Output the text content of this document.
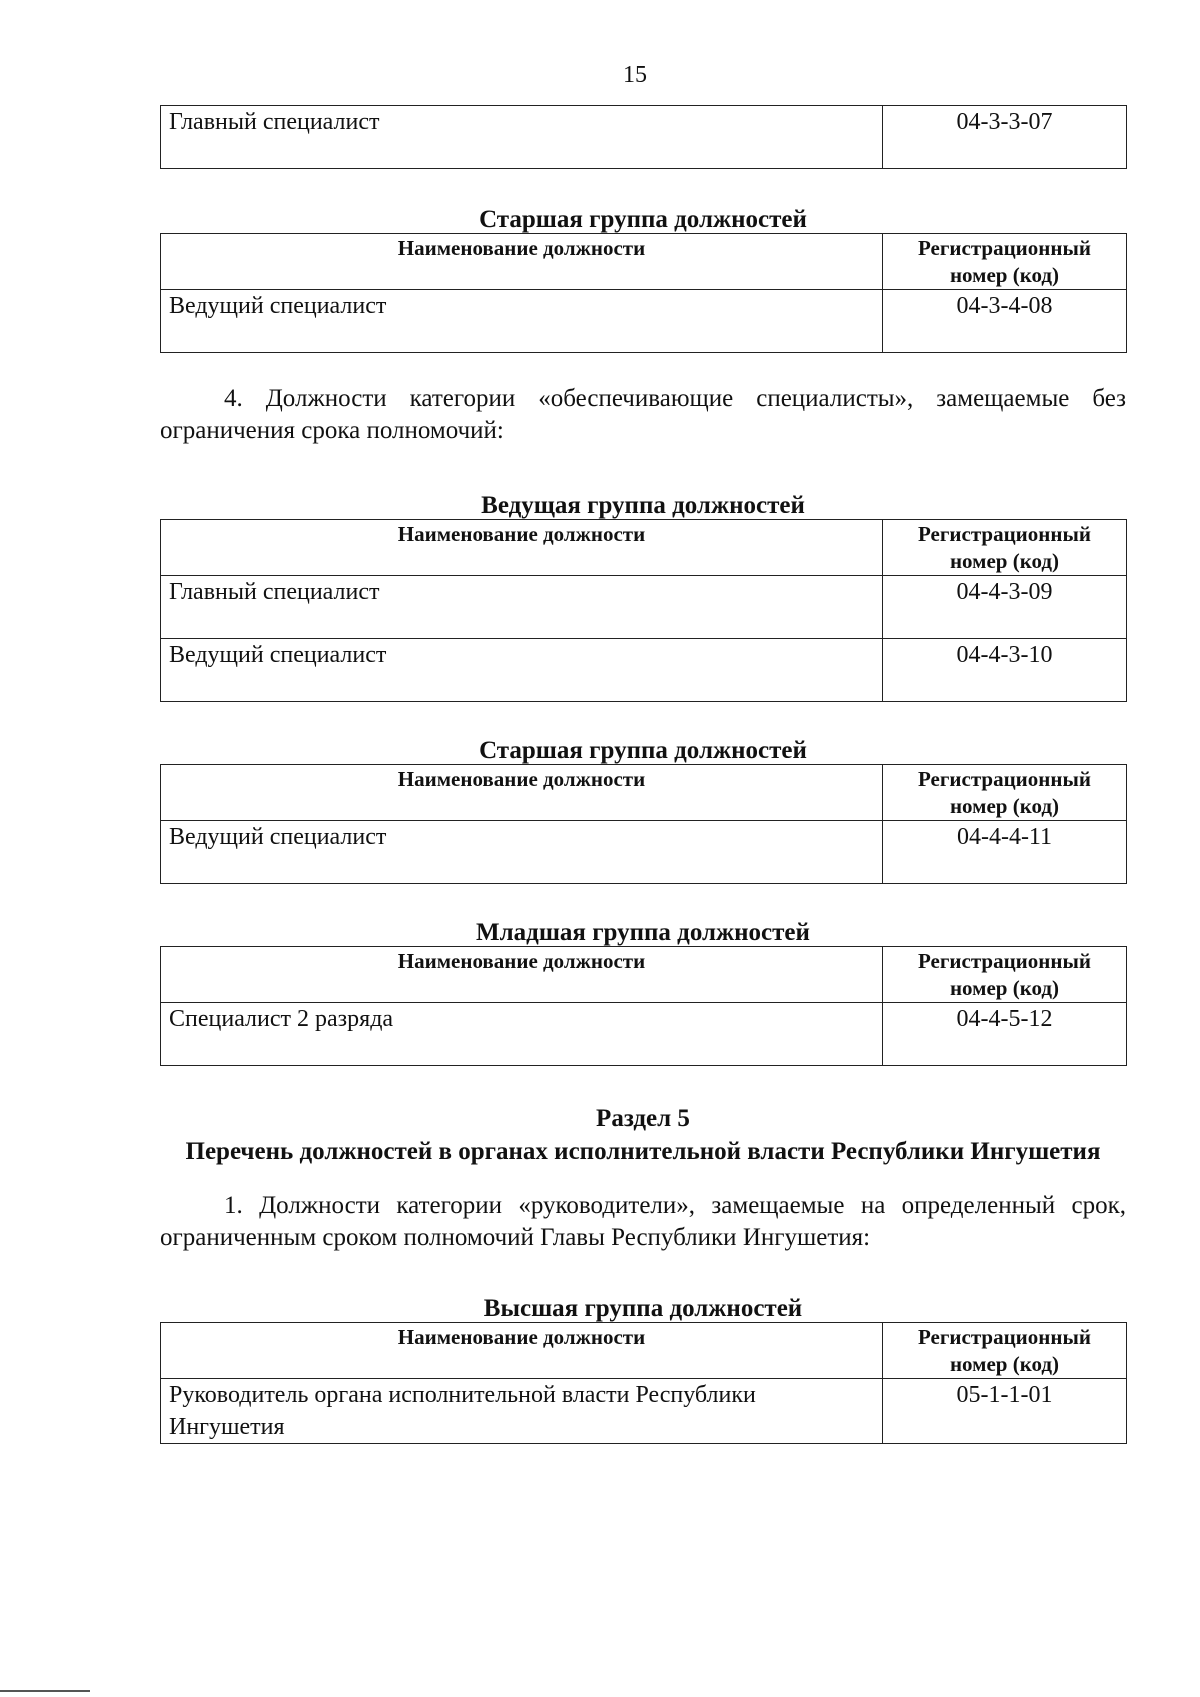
15
Главный специалист	04-3-3-07
Старшая группа должностей
Наименование должности	Регистрационный номер (код)
Ведущий специалист	04-3-4-08

4. Должности категории «обеспечивающие специалисты», замещаемые без ограничения срока полномочий:

Ведущая группа должностей
Наименование должности	Регистрационный номер (код)
Главный специалист	04-4-3-09
Ведущий специалист	04-4-3-10
Старшая группа должностей
Наименование должности	Регистрационный номер (код)
Ведущий специалист	04-4-4-11
Младшая группа должностей
Наименование должности	Регистрационный номер (код)
Специалист 2 разряда	04-4-5-12

Раздел 5

Перечень должностей в органах исполнительной власти Республики Ингушетия

1. Должности категории «руководители», замещаемые на определенный срок, ограниченным сроком полномочий Главы Республики Ингушетия:

Высшая группа должностей
Наименование должности	Регистрационный номер (код)
Руководитель органа исполнительной власти Республики Ингушетия	05-1-1-01
